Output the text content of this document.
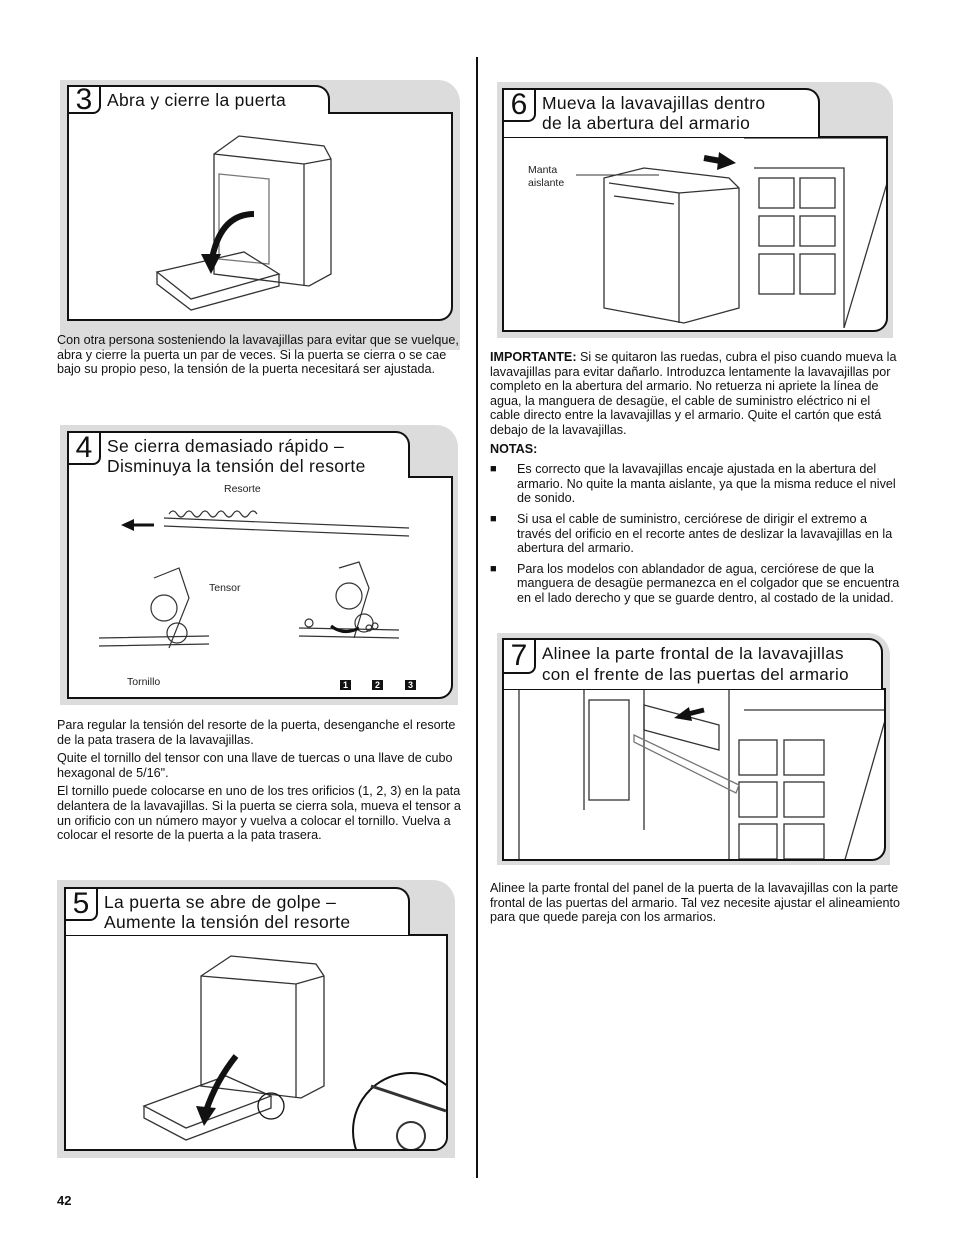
3 Abra y cierre la puerta

Con otra persona sosteniendo la lavavajillas para evitar que se vuelque, abra y cierre la puerta un par de veces. Si la puerta se cierra o se cae bajo su propio peso, la tensión de la puerta necesitará ser ajustada.

Resorte
Tensor
Tornillo	1	2	3
4 Se cierra demasiado rápido –
Disminuya la tensión del resorte

Para regular la tensión del resorte de la puerta, desenganche el resorte de la pata trasera de la lavavajillas.

Quite el tornillo del tensor con una llave de tuercas o una llave de cubo hexagonal de 5/16".

El tornillo puede colocarse en uno de los tres orificios (1, 2, 3) en la pata delantera de la lavavajillas. Si la puerta se cierra sola, mueva el tensor a un orificio con un número mayor y vuelva a colocar el tornillo. Vuelva a colocar el resorte de la puerta a la pata trasera.

5 La puerta se abre de golpe –
Aumente la tensión del resorte
Manta aislante
6 Mueva la lavavajillas dentro
de la abertura del armario

IMPORTANTE: Si se quitaron las ruedas, cubra el piso cuando mueva la lavavajillas para evitar dañarlo. Introduzca lentamente la lavavajillas por completo en la abertura del armario. No retuerza ni apriete la línea de agua, la manguera de desagüe, el cable de suministro eléctrico ni el cable directo entre la lavavajillas y el armario. Quite el cartón que está debajo de la lavavajillas.

NOTAS:

■	Es correcto que la lavavajillas encaje ajustada en la abertura del armario. No quite la manta aislante, ya que la misma reduce el nivel de sonido.
■	Si usa el cable de suministro, cerciórese de dirigir el extremo a través del orificio en el recorte antes de deslizar la lavavajillas en la abertura del armario.
■	Para los modelos con ablandador de agua, cerciórese de que la manguera de desagüe permanezca en el colgador que se encuentra en el lado derecho y que se guarde dentro, al costado de la unidad.
7 Alinee la parte frontal de la lavavajillas
con el frente de las puertas del armario

Alinee la parte frontal del panel de la puerta de la lavavajillas con la parte frontal de las puertas del armario. Tal vez necesite ajustar el alineamiento para que quede pareja con los armarios.

42
